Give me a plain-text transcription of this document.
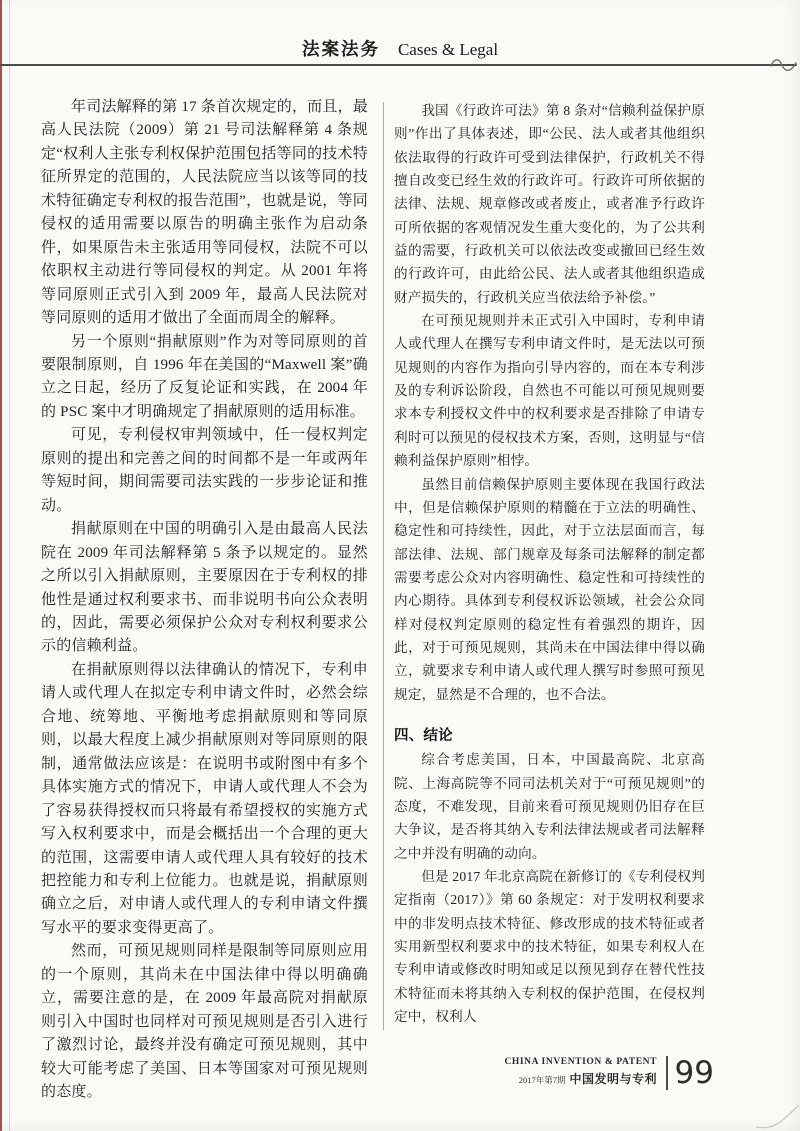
法案法务 Cases & Legal

年司法解释的第 17 条首次规定的，而且，最高人民法院（2009）第 21 号司法解释第 4 条规定“权利人主张专利权保护范围包括等同的技术特征所界定的范围的，人民法院应当以该等同的技术特征确定专利权的报告范围”，也就是说，等同侵权的适用需要以原告的明确主张作为启动条件，如果原告未主张适用等同侵权，法院不可以依职权主动进行等同侵权的判定。从 2001 年将等同原则正式引入到 2009 年，最高人民法院对等同原则的适用才做出了全面而周全的解释。

另一个原则“捐献原则”作为对等同原则的首要限制原则，自 1996 年在美国的“Maxwell 案”确立之日起，经历了反复论证和实践，在 2004 年的 PSC 案中才明确规定了捐献原则的适用标准。

可见，专利侵权审判领域中，任一侵权判定原则的提出和完善之间的时间都不是一年或两年等短时间，期间需要司法实践的一步步论证和推动。

捐献原则在中国的明确引入是由最高人民法院在 2009 年司法解释第 5 条予以规定的。显然之所以引入捐献原则，主要原因在于专利权的排他性是通过权利要求书、而非说明书向公众表明的，因此，需要必须保护公众对专利权利要求公示的信赖利益。

在捐献原则得以法律确认的情况下，专利申请人或代理人在拟定专利申请文件时，必然会综合地、统筹地、平衡地考虑捐献原则和等同原则，以最大程度上减少捐献原则对等同原则的限制，通常做法应该是：在说明书或附图中有多个具体实施方式的情况下，申请人或代理人不会为了容易获得授权而只将最有希望授权的实施方式写入权利要求中，而是会概括出一个合理的更大的范围，这需要申请人或代理人具有较好的技术把控能力和专利上位能力。也就是说，捐献原则确立之后，对申请人或代理人的专利申请文件撰写水平的要求变得更高了。

然而，可预见规则同样是限制等同原则应用的一个原则，其尚未在中国法律中得以明确确立，需要注意的是，在 2009 年最高院对捐献原则引入中国时也同样对可预见规则是否引入进行了激烈讨论，最终并没有确定可预见规则，其中较大可能考虑了美国、日本等国家对可预见规则的态度。

我国《行政许可法》第 8 条对“信赖利益保护原则”作出了具体表述，即“公民、法人或者其他组织依法取得的行政许可受到法律保护，行政机关不得擅自改变已经生效的行政许可。行政许可所依据的法律、法规、规章修改或者废止，或者准予行政许可所依据的客观情况发生重大变化的，为了公共利益的需要，行政机关可以依法改变或撤回已经生效的行政许可，由此给公民、法人或者其他组织造成财产损失的，行政机关应当依法给予补偿。”

在可预见规则并未正式引入中国时，专利申请人或代理人在撰写专利申请文件时，是无法以可预见规则的内容作为指向引导内容的，而在本专利涉及的专利诉讼阶段，自然也不可能以可预见规则要求本专利授权文件中的权利要求是否排除了申请专利时可以预见的侵权技术方案，否则，这明显与“信赖利益保护原则”相悖。

虽然目前信赖保护原则主要体现在我国行政法中，但是信赖保护原则的精髓在于立法的明确性、稳定性和可持续性，因此，对于立法层面而言，每部法律、法规、部门规章及每条司法解释的制定都需要考虑公众对内容明确性、稳定性和可持续性的内心期待。具体到专利侵权诉讼领域，社会公众同样对侵权判定原则的稳定性有着强烈的期许，因此，对于可预见规则，其尚未在中国法律中得以确立，就要求专利申请人或代理人撰写时参照可预见规定，显然是不合理的，也不合法。

四、结论

综合考虑美国，日本，中国最高院、北京高院、上海高院等不同司法机关对于“可预见规则”的态度，不难发现，目前来看可预见规则仍旧存在巨大争议，是否将其纳入专利法律法规或者司法解释之中并没有明确的动向。

但是 2017 年北京高院在新修订的《专利侵权判定指南（2017）》第 60 条规定：对于发明权利要求中的非发明点技术特征、修改形成的技术特征或者实用新型权利要求中的技术特征，如果专利权人在专利申请或修改时明知或足以预见到存在替代性技术特征而未将其纳入专利权的保护范围，在侵权判定中，权利人

CHINA INVENTION & PATENT
2017年第7期 中国发明与专利 99
